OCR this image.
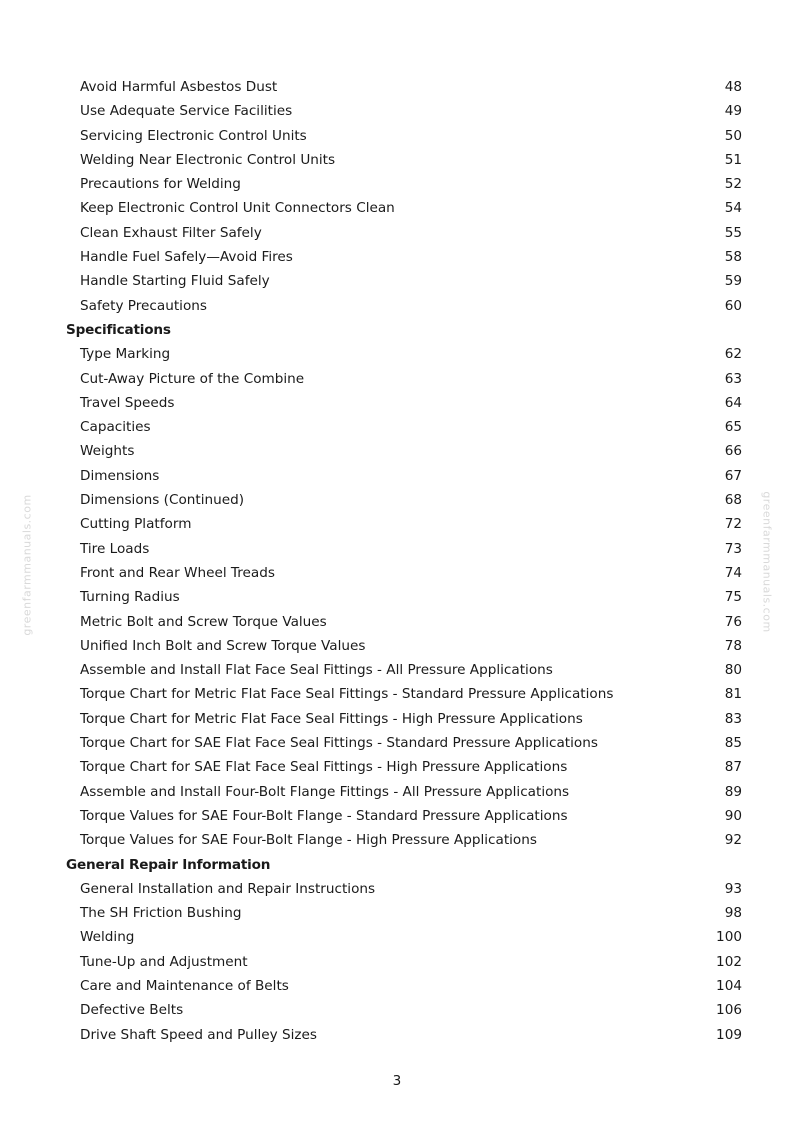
greenfarmmanuals.com	greenfarmmanuals.com
Avoid Harmful Asbestos Dust	48
Use Adequate Service Facilities	49
Servicing Electronic Control Units	50
Welding Near Electronic Control Units	51
Precautions for Welding	52
Keep Electronic Control Unit Connectors Clean	54
Clean Exhaust Filter Safely	55
Handle Fuel Safely—Avoid Fires	58
Handle Starting Fluid Safely	59
Safety Precautions	60
Specifications
Type Marking	62
Cut-Away Picture of the Combine	63
Travel Speeds	64
Capacities	65
Weights	66
Dimensions	67
Dimensions (Continued)	68
Cutting Platform	72
Tire Loads	73
Front and Rear Wheel Treads	74
Turning Radius	75
Metric Bolt and Screw Torque Values	76
Unified Inch Bolt and Screw Torque Values	78
Assemble and Install Flat Face Seal Fittings - All Pressure Applications	80
Torque Chart for Metric Flat Face Seal Fittings - Standard Pressure Applications	81
Torque Chart for Metric Flat Face Seal Fittings - High Pressure Applications	83
Torque Chart for SAE Flat Face Seal Fittings - Standard Pressure Applications	85
Torque Chart for SAE Flat Face Seal Fittings - High Pressure Applications	87
Assemble and Install Four-Bolt Flange Fittings - All Pressure Applications	89
Torque Values for SAE Four-Bolt Flange - Standard Pressure Applications	90
Torque Values for SAE Four-Bolt Flange - High Pressure Applications	92
General Repair Information
General Installation and Repair Instructions	93
The SH Friction Bushing	98
Welding	100
Tune-Up and Adjustment	102
Care and Maintenance of Belts	104
Defective Belts	106
Drive Shaft Speed and Pulley Sizes	109
3
